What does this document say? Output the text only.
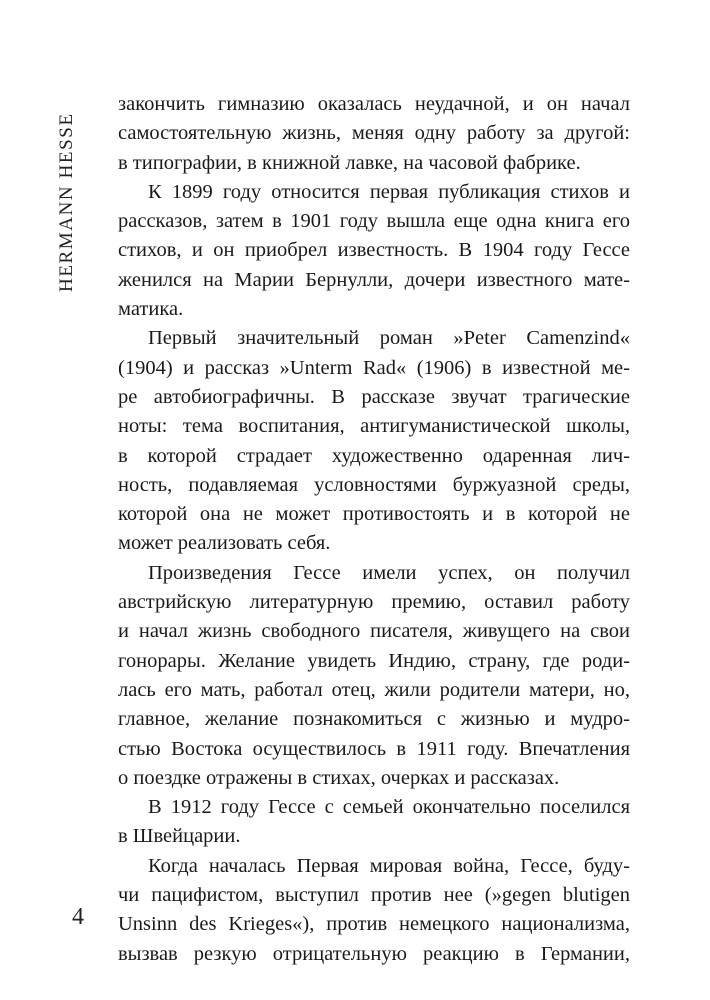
HERMANN HESSE
закончить гимназию оказалась неудачной, и он начал
самостоятельную жизнь, меняя одну работу за другой:
в типографии, в книжной лавке, на часовой фабрике.
К 1899 году относится первая публикация стихов и
рассказов, затем в 1901 году вышла еще одна книга его
стихов, и он приобрел известность. В 1904 году Гессе
женился на Марии Бернулли, дочери известного мате-
матика.
Первый значительный роман »Peter Camenzind«
(1904) и рассказ »Unterm Rad« (1906) в известной ме-
ре автобиографичны. В рассказе звучат трагические
ноты: тема воспитания, антигуманистической школы,
в которой страдает художественно одаренная лич-
ность, подавляемая условностями буржуазной среды,
которой она не может противостоять и в которой не
может реализовать себя.
Произведения Гессе имели успех, он получил
австрийскую литературную премию, оставил работу
и начал жизнь свободного писателя, живущего на свои
гонорары. Желание увидеть Индию, страну, где роди-
лась его мать, работал отец, жили родители матери, но,
главное, желание познакомиться с жизнью и мудро-
стью Востока осуществилось в 1911 году. Впечатления
о поездке отражены в стихах, очерках и рассказах.
В 1912 году Гессе с семьей окончательно поселился
в Швейцарии.
Когда началась Первая мировая война, Гессе, буду-
чи пацифистом, выступил против нее (»gegen blutigen
Unsinn des Krieges«), против немецкого национализма,
вызвав резкую отрицательную реакцию в Германии,
4
